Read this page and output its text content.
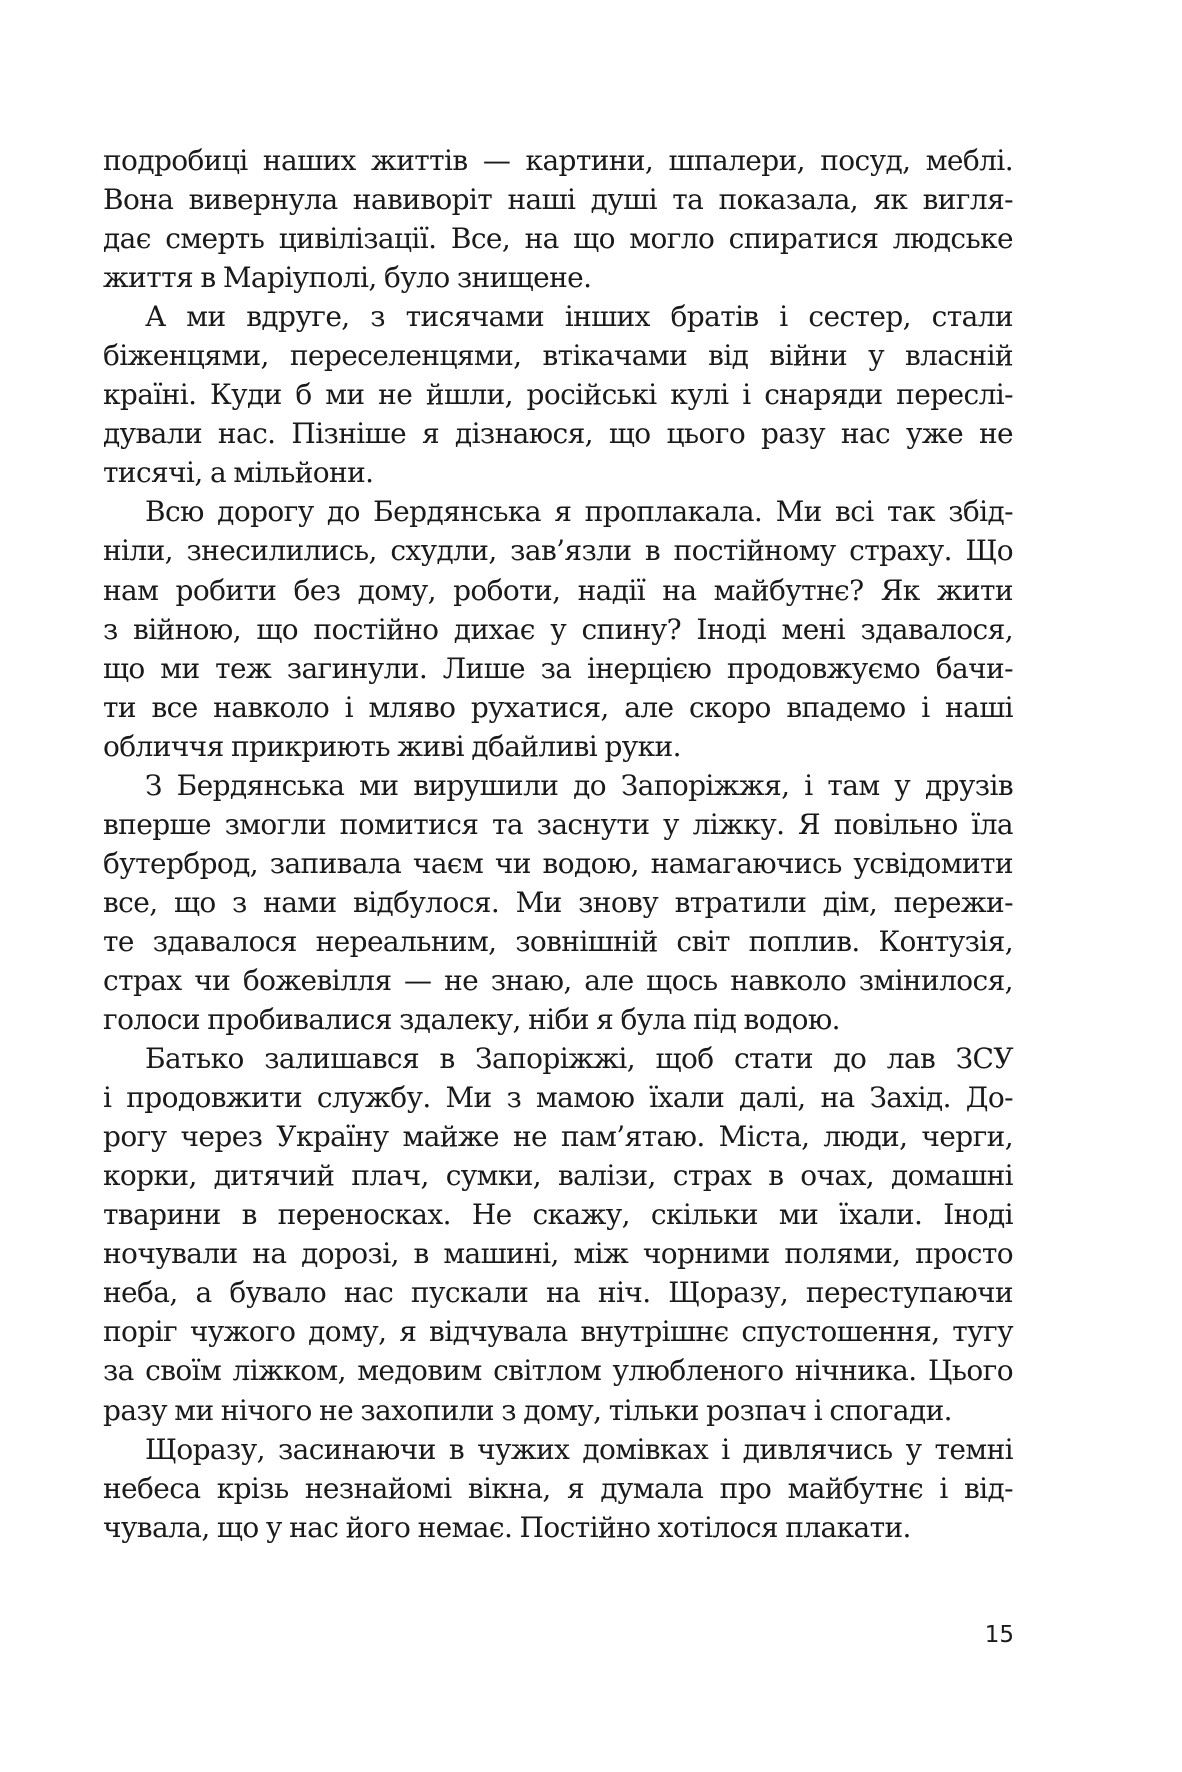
подробиці наших життів — картини, шпалери, посуд, меблі.
Вона вивернула навиворіт наші душі та показала, як вигля-
дає смерть цивілізації. Все, на що могло спиратися людське
життя в Маріуполі, було знищене.
А ми вдруге, з тисячами інших братів і сестер, стали
біженцями, переселенцями, втікачами від війни у власній
країні. Куди б ми не йшли, російські кулі і снаряди переслі-
дували нас. Пізніше я дізнаюся, що цього разу нас уже не
тисячі, а мільйони.
Всю дорогу до Бердянська я проплакала. Ми всі так збід-
ніли, знесилились, схудли, зав’язли в постійному страху. Що
нам робити без дому, роботи, надії на майбутнє? Як жити
з війною, що постійно дихає у спину? Іноді мені здавалося,
що ми теж загинули. Лише за інерцією продовжуємо бачи-
ти все навколо і мляво рухатися, але скоро впадемо і наші
обличчя прикриють живі дбайливі руки.
З Бердянська ми вирушили до Запоріжжя, і там у друзів
вперше змогли помитися та заснути у ліжку. Я повільно їла
бутерброд, запивала чаєм чи водою, намагаючись усвідомити
все, що з нами відбулося. Ми знову втратили дім, пережи-
те здавалося нереальним, зовнішній світ поплив. Контузія,
страх чи божевілля — не знаю, але щось навколо змінилося,
голоси пробивалися здалеку, ніби я була під водою.
Батько залишався в Запоріжжі, щоб стати до лав ЗСУ
і продовжити службу. Ми з мамою їхали далі, на Захід. До-
рогу через Україну майже не пам’ятаю. Міста, люди, черги,
корки, дитячий плач, сумки, валізи, страх в очах, домашні
тварини в переносках. Не скажу, скільки ми їхали. Іноді
ночували на дорозі, в машині, між чорними полями, просто
неба, а бувало нас пускали на ніч. Щоразу, переступаючи
поріг чужого дому, я відчувала внутрішнє спустошення, тугу
за своїм ліжком, медовим світлом улюбленого нічника. Цього
разу ми нічого не захопили з дому, тільки розпач і спогади.
Щоразу, засинаючи в чужих домівках і дивлячись у темні
небеса крізь незнайомі вікна, я думала про майбутнє і від-
чувала, що у нас його немає. Постійно хотілося плакати.
15
